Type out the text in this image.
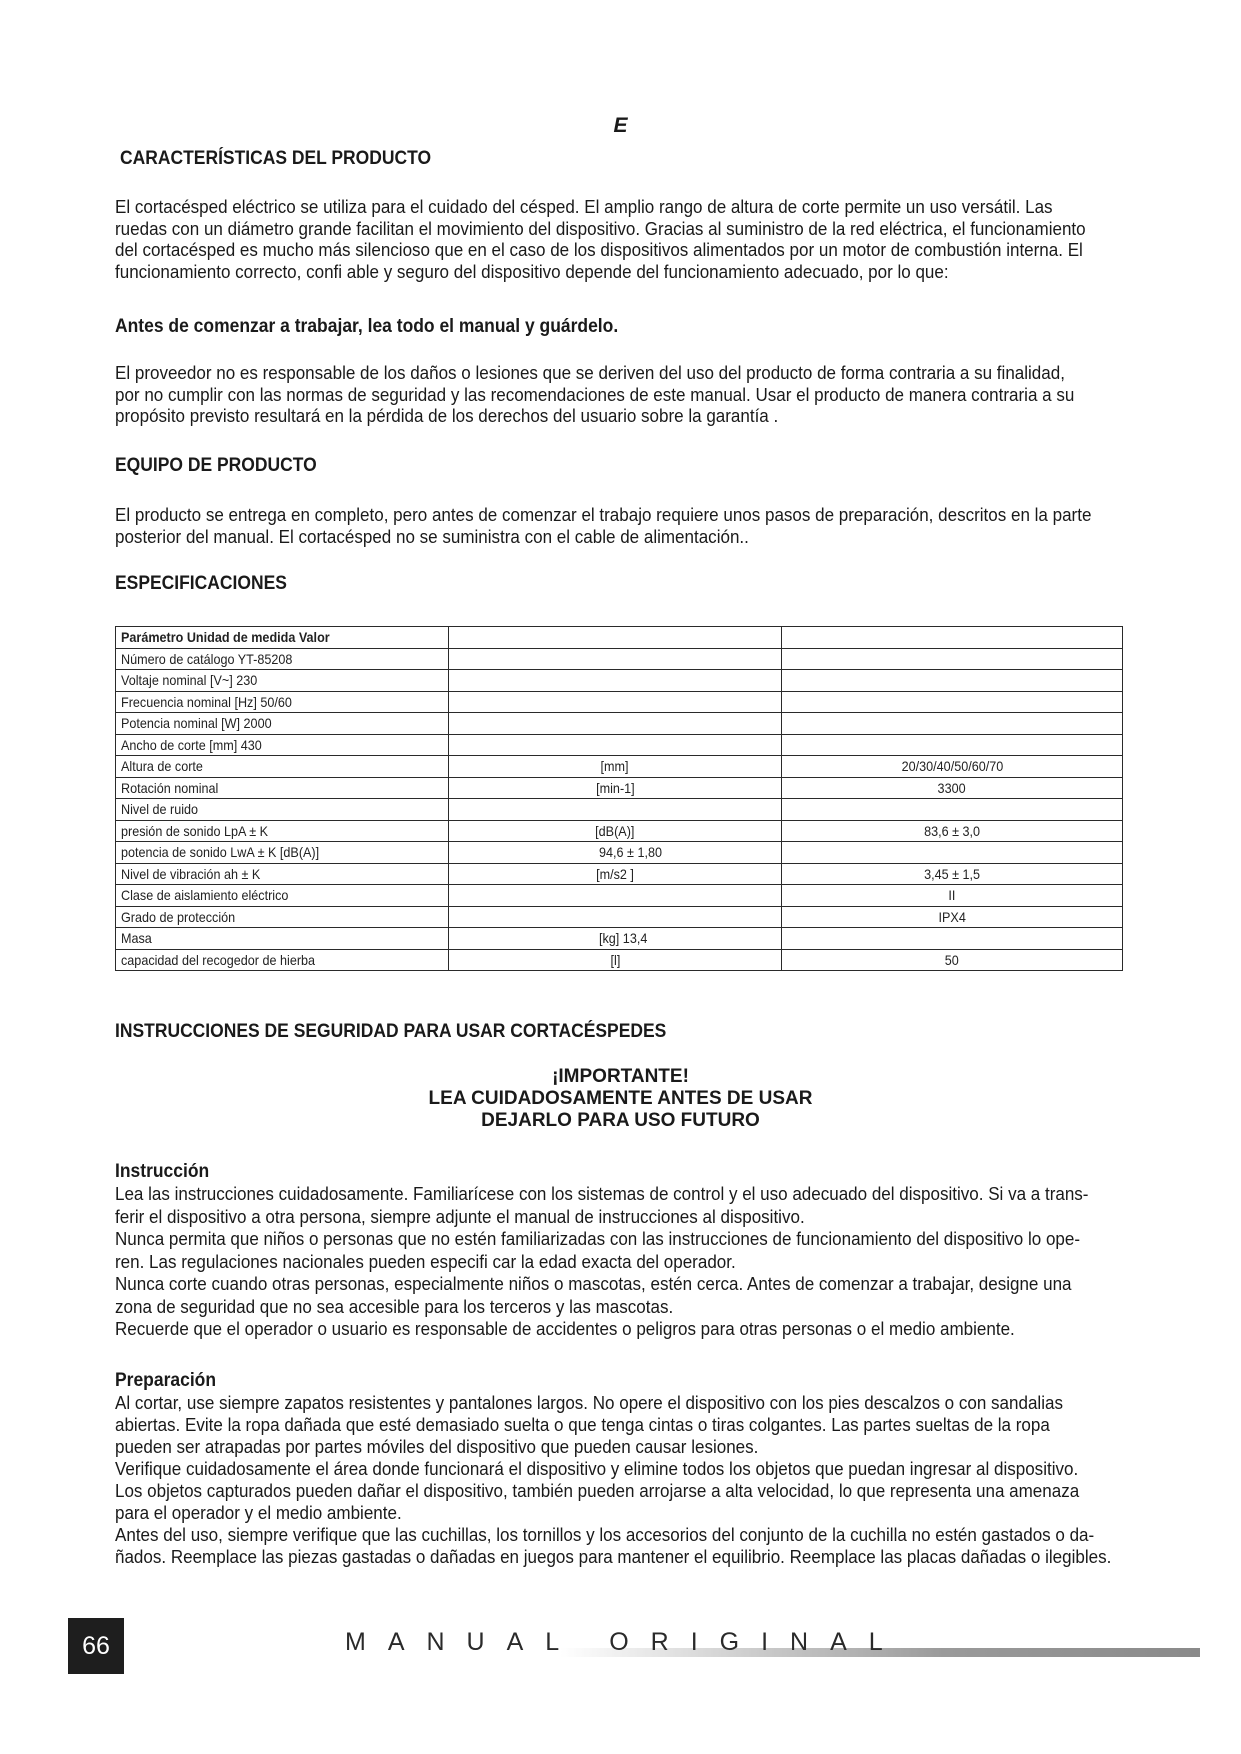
E
CARACTERÍSTICAS DEL PRODUCTO

El cortacésped eléctrico se utiliza para el cuidado del césped. El amplio rango de altura de corte permite un uso versátil. Las

ruedas con un diámetro grande facilitan el movimiento del dispositivo. Gracias al suministro de la red eléctrica, el funcionamiento

del cortacésped es mucho más silencioso que en el caso de los dispositivos alimentados por un motor de combustión interna. El

funcionamiento correcto, confi able y seguro del dispositivo depende del funcionamiento adecuado, por lo que:

Antes de comenzar a trabajar, lea todo el manual y guárdelo.

El proveedor no es responsable de los daños o lesiones que se deriven del uso del producto de forma contraria a su finalidad,

por no cumplir con las normas de seguridad y las recomendaciones de este manual. Usar el producto de manera contraria a su

propósito previsto resultará en la pérdida de los derechos del usuario sobre la garantía .

EQUIPO DE PRODUCTO

El producto se entrega en completo, pero antes de comenzar el trabajo requiere unos pasos de preparación, descritos en la parte

posterior del manual. El cortacésped no se suministra con el cable de alimentación..

ESPECIFICACIONES
Parámetro Unidad de medida Valor		
Número de catálogo YT-85208		
Voltaje nominal [V~] 230		
Frecuencia nominal [Hz] 50/60		
Potencia nominal [W] 2000		
Ancho de corte [mm] 430		
Altura de corte	[mm]	20/30/40/50/60/70
Rotación nominal	[min-1]	3300
Nivel de ruido		
presión de sonido LpA ± K	[dB(A)]	83,6 ± 3,0
potencia de sonido LwA ± K [dB(A)]	94,6 ± 1,80	
Nivel de vibración ah ± K	[m/s2 ]	3,45 ± 1,5
Clase de aislamiento eléctrico		II
Grado de protección		IPX4
Masa	[kg] 13,4	
capacidad del recogedor de hierba	[l]	50
INSTRUCCIONES DE SEGURIDAD PARA USAR CORTACÉSPEDES
¡IMPORTANTE!
LEA CUIDADOSAMENTE ANTES DE USAR
DEJARLO PARA USO FUTURO
Instrucción

Lea las instrucciones cuidadosamente. Familiarícese con los sistemas de control y el uso adecuado del dispositivo. Si va a trans-

ferir el dispositivo a otra persona, siempre adjunte el manual de instrucciones al dispositivo.

Nunca permita que niños o personas que no estén familiarizadas con las instrucciones de funcionamiento del dispositivo lo ope-

ren. Las regulaciones nacionales pueden especifi car la edad exacta del operador.

Nunca corte cuando otras personas, especialmente niños o mascotas, estén cerca. Antes de comenzar a trabajar, designe una

zona de seguridad que no sea accesible para los terceros y las mascotas.

Recuerde que el operador o usuario es responsable de accidentes o peligros para otras personas o el medio ambiente.

Preparación

Al cortar, use siempre zapatos resistentes y pantalones largos. No opere el dispositivo con los pies descalzos o con sandalias

abiertas. Evite la ropa dañada que esté demasiado suelta o que tenga cintas o tiras colgantes. Las partes sueltas de la ropa

pueden ser atrapadas por partes móviles del dispositivo que pueden causar lesiones.

Verifique cuidadosamente el área donde funcionará el dispositivo y elimine todos los objetos que puedan ingresar al dispositivo.

Los objetos capturados pueden dañar el dispositivo, también pueden arrojarse a alta velocidad, lo que representa una amenaza

para el operador y el medio ambiente.

Antes del uso, siempre verifique que las cuchillas, los tornillos y los accesorios del conjunto de la cuchilla no estén gastados o da-

ñados. Reemplace las piezas gastadas o dañadas en juegos para mantener el equilibrio. Reemplace las placas dañadas o ilegibles.

66	MANUAL ORIGINAL
